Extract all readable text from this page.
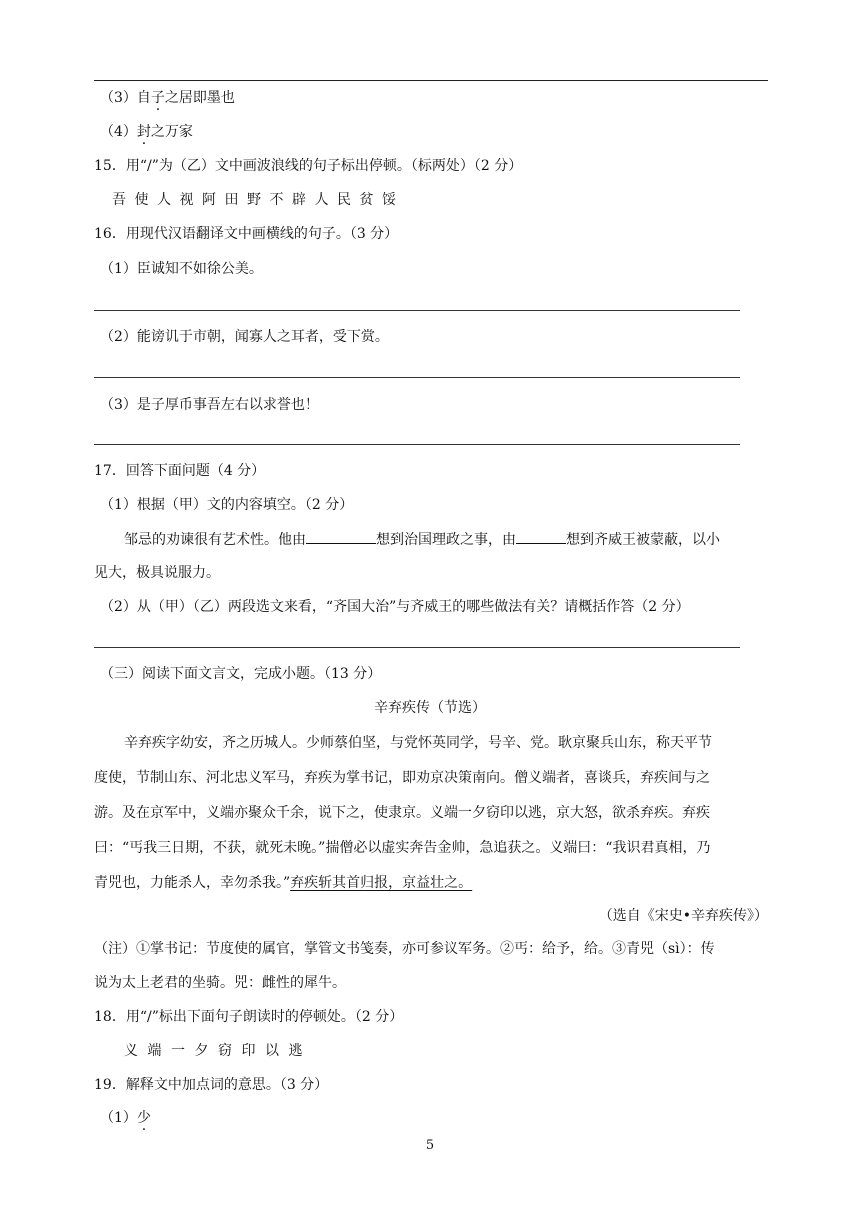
（3）自子之居即墨也
（4）封之万家
15．用“/”为（乙）文中画波浪线的句子标出停顿。（标两处）（2 分）
吾使人视阿田野不辟人民贫馁
16．用现代汉语翻译文中画横线的句子。（3 分）
（1）臣诚知不如徐公美。
（2）能谤讥于市朝，闻寡人之耳者，受下赏。
（3）是子厚币事吾左右以求誉也！
17．回答下面问题（4 分）
（1）根据（甲）文的内容填空。（2 分）
邹忌的劝谏很有艺术性。他由	想到治国理政之事，由	想到齐威王被蒙蔽，以小
见大，极具说服力。
（2）从（甲）（乙）两段选文来看，“齐国大治”与齐威王的哪些做法有关？请概括作答（2 分）
（三）阅读下面文言文，完成小题。（13 分）
辛弃疾传（节选）
辛弃疾字幼安，齐之历城人。少师蔡伯坚，与党怀英同学，号辛、党。耿京聚兵山东，称天平节
度使，节制山东、河北忠义军马，弃疾为掌书记，即劝京决策南向。僧义端者，喜谈兵，弃疾间与之
游。及在京军中，义端亦聚众千余，说下之，使隶京。义端一夕窃印以逃，京大怒，欲杀弃疾。弃疾
曰：“丐我三日期，不获，就死未晚。”揣僧必以虚实奔告金帅，急追获之。义端曰：“我识君真相，乃
青兕也，力能杀人，幸勿杀我。”弃疾斩其首归报，京益壮之。
（选自《宋史•辛弃疾传》）
（注）①掌书记：节度使的属官，掌管文书笺奏，亦可参议军务。②丐：给予，给。③青兕（sì）：传
说为太上老君的坐骑。兕：雌性的犀牛。
18．用“/”标出下面句子朗读时的停顿处。（2 分）
义端一夕窃印以逃
19．解释文中加点词的意思。（3 分）
（1）少
5
